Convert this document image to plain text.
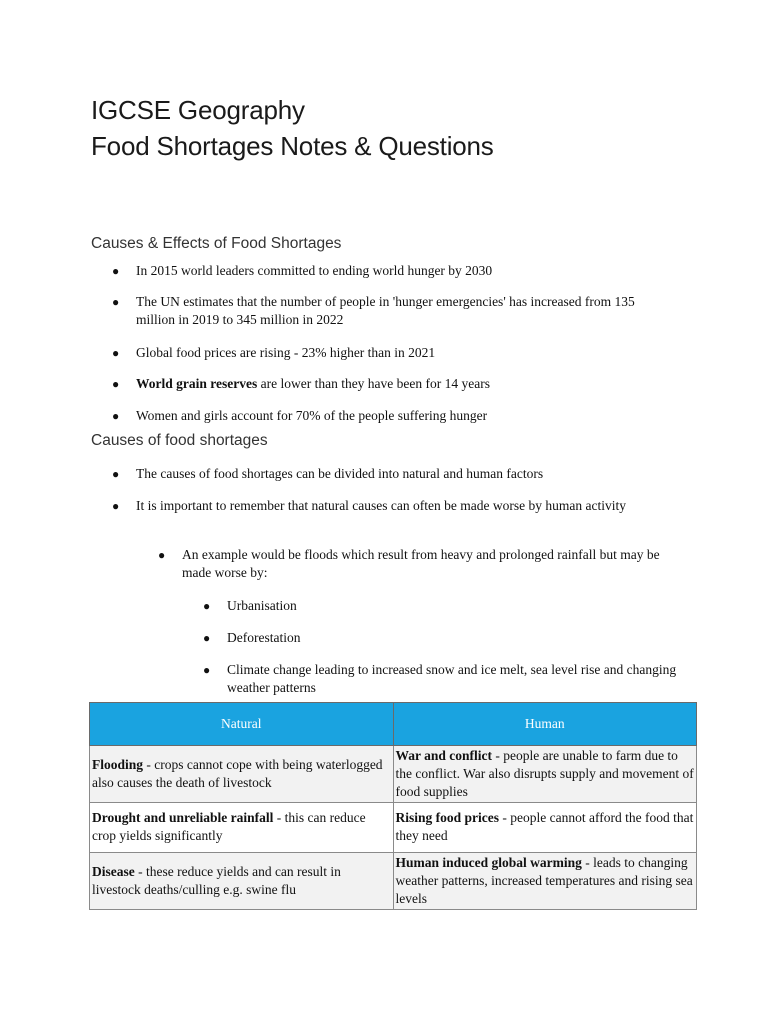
IGCSE Geography
Food Shortages Notes & Questions
Causes & Effects of Food Shortages
●	In 2015 world leaders committed to ending world hunger by 2030
●	The UN estimates that the number of people in 'hunger emergencies' has increased from 135 million in 2019 to 345 million in 2022
●	Global food prices are rising - 23% higher than in 2021
●	World grain reserves are lower than they have been for 14 years
●	Women and girls account for 70% of the people suffering hunger
Causes of food shortages
●	The causes of food shortages can be divided into natural and human factors
●	It is important to remember that natural causes can often be made worse by human activity
●	An example would be floods which result from heavy and prolonged rainfall but may be made worse by:
●	Urbanisation
●	Deforestation
●	Climate change leading to increased snow and ice melt, sea level rise and changing weather patterns
Natural	Human
Flooding - crops cannot cope with being waterlogged also causes the death of livestock	War and conflict - people are unable to farm due to the conflict. War also disrupts supply and movement of food supplies
Drought and unreliable rainfall - this can reduce crop yields significantly	Rising food prices - people cannot afford the food that they need
Disease - these reduce yields and can result in livestock deaths/culling e.g. swine flu	Human induced global warming - leads to changing weather patterns, increased temperatures and rising sea levels
